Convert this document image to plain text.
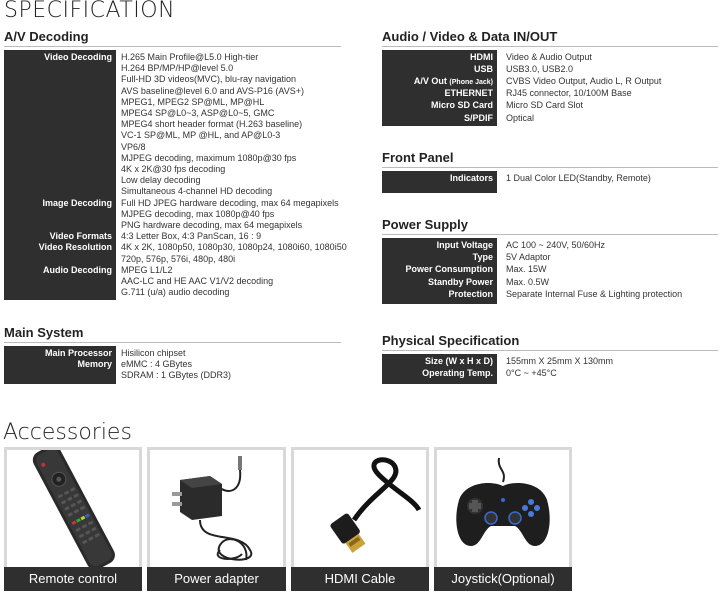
SPECIFICATION
A/V Decoding
Video Decoding H.265 Main Profile@L5.0 High-tier
H.264 BP/MP/HP@level 5.0
Full-HD 3D videos(MVC), blu-ray navigation
AVS baseline@level 6.0 and AVS-P16 (AVS+)
MPEG1, MPEG2 SP@ML, MP@HL
MPEG4 SP@L0~3, ASP@L0~5, GMC
MPEG4 short header format (H.263 baseline)
VC-1 SP@ML, MP @HL, and AP@L0-3
VP6/8
MJPEG decoding, maximum 1080p@30 fps
4K x 2K@30 fps decoding
Low delay decoding
Simultaneous 4-channel HD decoding
Image Decoding Full HD JPEG hardware decoding, max 64 megapixels
MJPEG decoding, max 1080p@40 fps
PNG hardware decoding, max 64 megapixels
Video Formats 4:3 Letter Box, 4:3 PanScan, 16 : 9
Video Resolution 4K x 2K, 1080p50, 1080p30, 1080p24, 1080i60, 1080i50
720p, 576p, 576i, 480p, 480i
Audio Decoding MPEG L1/L2
AAC-LC and HE AAC V1/V2 decoding
G.711 (u/a) audio decoding
Main System
Main Processor Hisilicon chipset
Memory eMMC : 4 GBytes
SDRAM : 1 GBytes (DDR3)
Audio / Video & Data IN/OUT
HDMI Video & Audio Output
USB USB3.0, USB2.0
A/V Out (Phone Jack) CVBS Video Output, Audio L, R Output
ETHERNET RJ45 connector, 10/100M Base
Micro SD Card Micro SD Card Slot
S/PDIF Optical
Front Panel
Indicators 1 Dual Color LED(Standby, Remote)
Power Supply
Input Voltage AC 100 ~ 240V, 50/60Hz
Type 5V Adaptor
Power Consumption Max. 15W
Standby Power Max. 0.5W
Protection Separate Internal Fuse & Lighting protection
Physical Specification
Size (W x H x D) 155mm X 25mm X 130mm
Operating Temp. 0°C ~ +45°C
Accessories
Remote control	Power adapter	HDMI Cable	Joystick(Optional)
